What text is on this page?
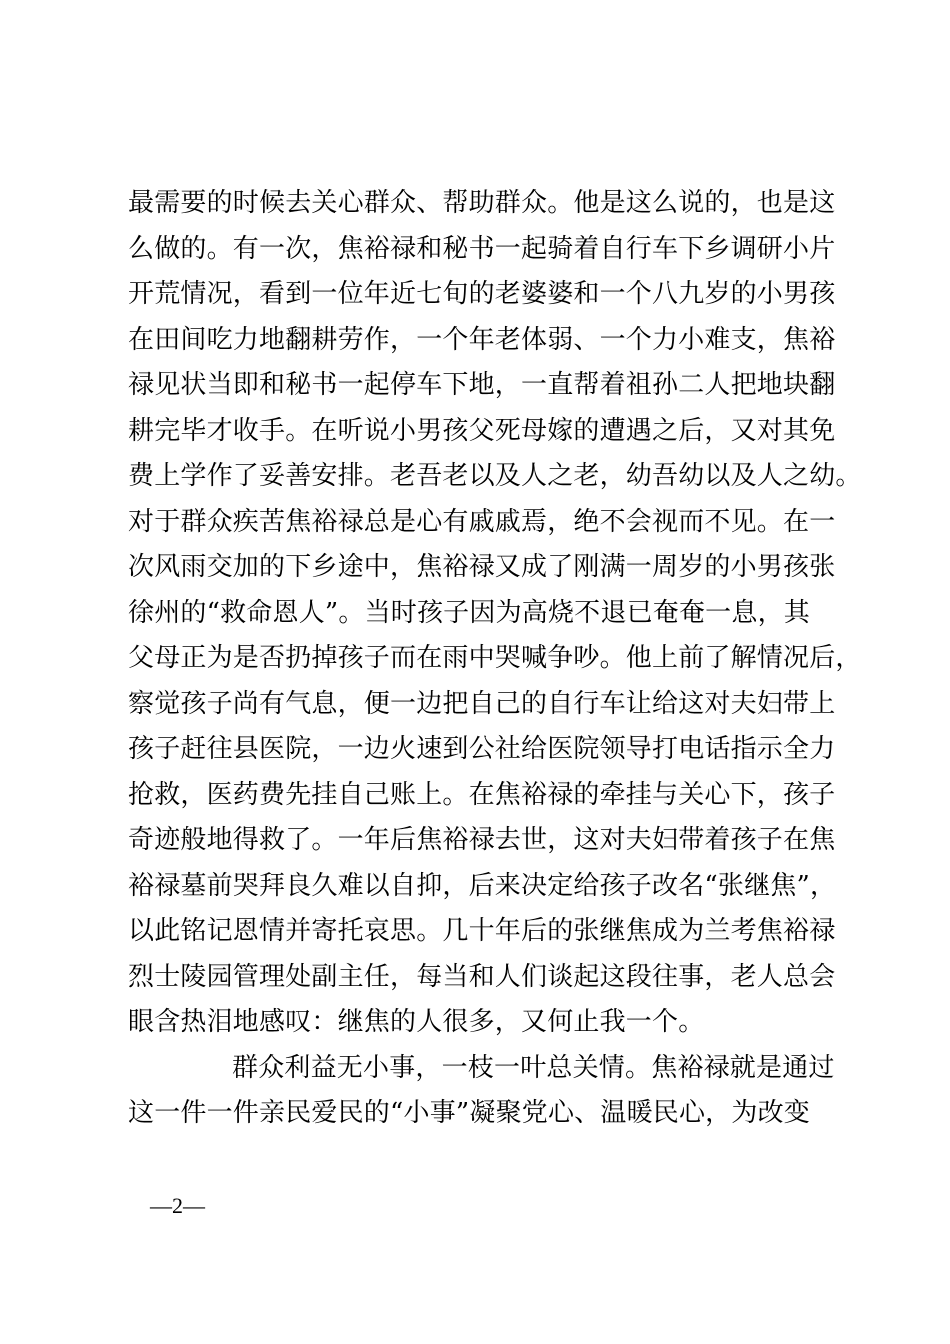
最需要的时候去关心群众、帮助群众。他是这么说的，也是这
么做的。有一次，焦裕禄和秘书一起骑着自行车下乡调研小片
开荒情况，看到一位年近七旬的老婆婆和一个八九岁的小男孩
在田间吃力地翻耕劳作，一个年老体弱、一个力小难支，焦裕
禄见状当即和秘书一起停车下地，一直帮着祖孙二人把地块翻
耕完毕才收手。在听说小男孩父死母嫁的遭遇之后，又对其免
费上学作了妥善安排。老吾老以及人之老，幼吾幼以及人之幼。
对于群众疾苦焦裕禄总是心有戚戚焉，绝不会视而不见。在一
次风雨交加的下乡途中，焦裕禄又成了刚满一周岁的小男孩张
徐州的“救命恩人”。当时孩子因为高烧不退已奄奄一息，其
父母正为是否扔掉孩子而在雨中哭喊争吵。他上前了解情况后，
察觉孩子尚有气息，便一边把自己的自行车让给这对夫妇带上
孩子赶往县医院，一边火速到公社给医院领导打电话指示全力
抢救，医药费先挂自己账上。在焦裕禄的牵挂与关心下，孩子
奇迹般地得救了。一年后焦裕禄去世，这对夫妇带着孩子在焦
裕禄墓前哭拜良久难以自抑，后来决定给孩子改名“张继焦”，
以此铭记恩情并寄托哀思。几十年后的张继焦成为兰考焦裕禄
烈士陵园管理处副主任，每当和人们谈起这段往事，老人总会
眼含热泪地感叹：继焦的人很多，又何止我一个。
群众利益无小事，一枝一叶总关情。焦裕禄就是通过
这一件一件亲民爱民的“小事”凝聚党心、温暖民心，为改变
—2—
